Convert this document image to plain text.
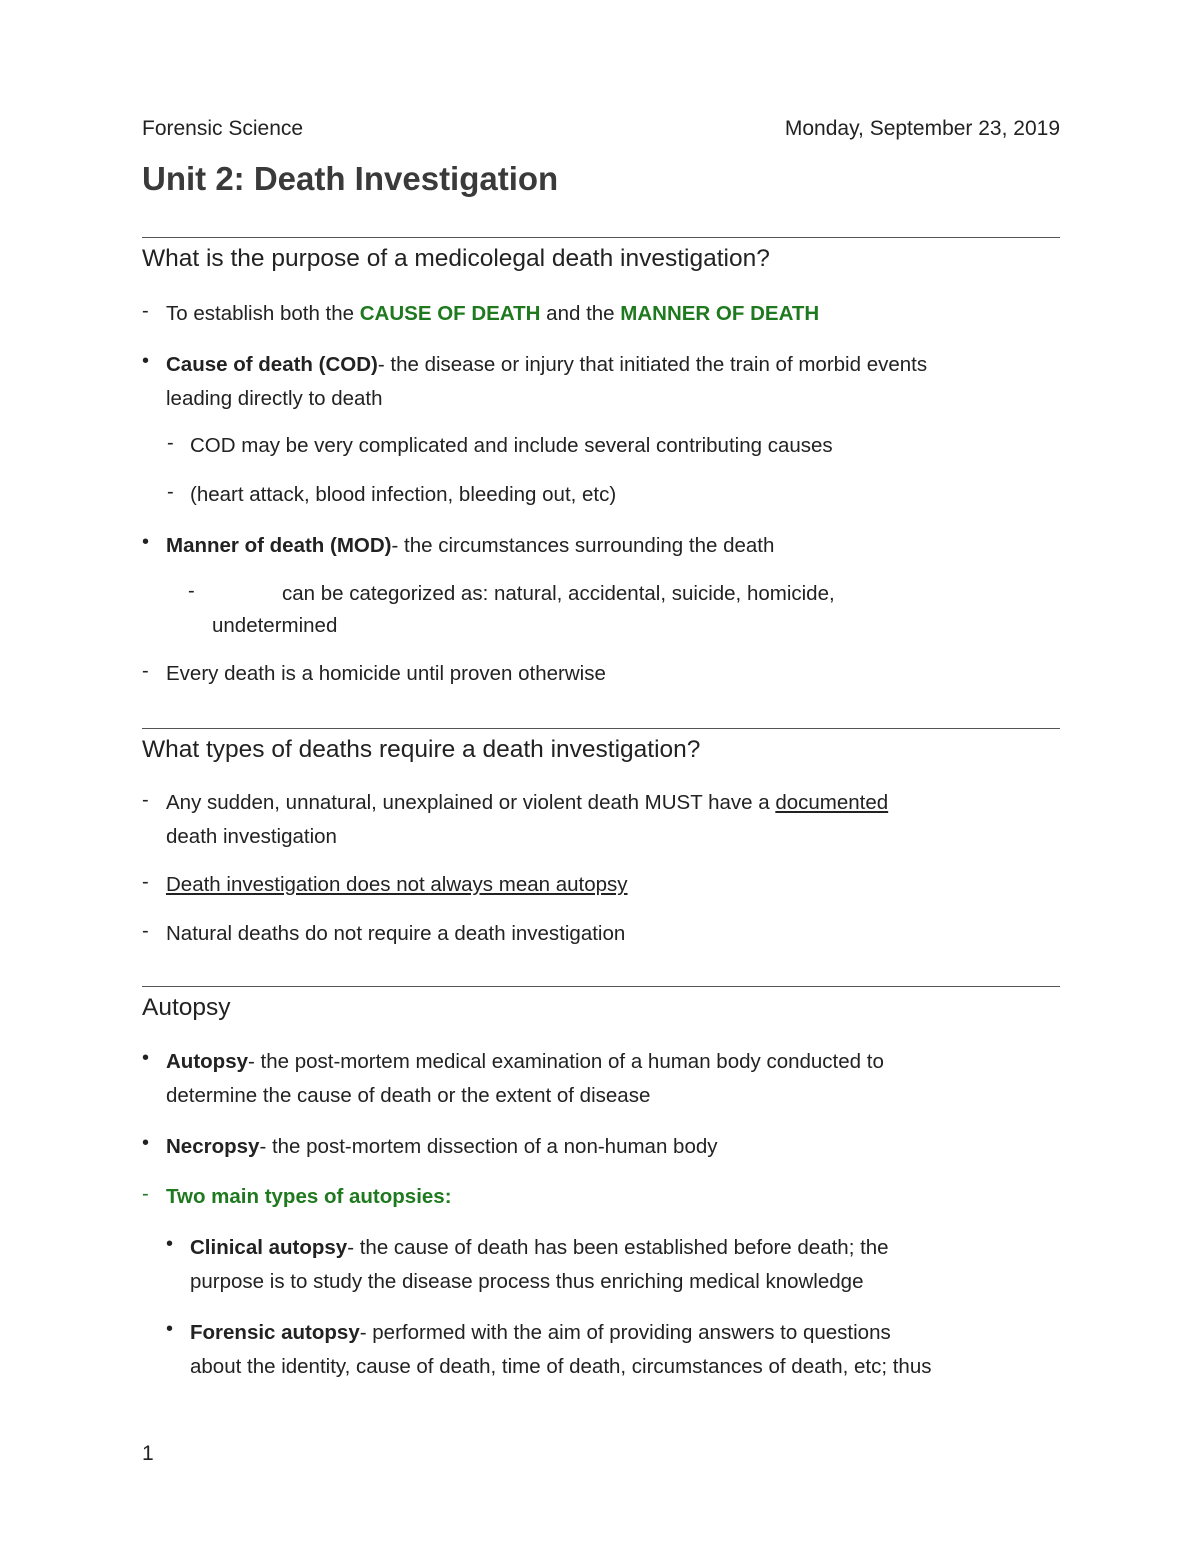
Forensic Science	Monday, September 23, 2019

Unit 2: Death Investigation
What is the purpose of a medicolegal death investigation?
- To establish both the CAUSE OF DEATH and the MANNER OF DEATH

• Cause of death (COD)- the disease or injury that initiated the train of morbid events
leading directly to death

- COD may be very complicated and include several contributing causes

- (heart attack, blood infection, bleeding out, etc)

• Manner of death (MOD)- the circumstances surrounding the death

-	can be categorized as: natural, accidental, suicide, homicide,

undetermined

- Every death is a homicide until proven otherwise

What types of deaths require a death investigation?
- Any sudden, unnatural, unexplained or violent death MUST have a documented
death investigation

- Death investigation does not always mean autopsy

- Natural deaths do not require a death investigation

Autopsy
• Autopsy- the post-mortem medical examination of a human body conducted to
determine the cause of death or the extent of disease

• Necropsy- the post-mortem dissection of a non-human body

- Two main types of autopsies:

• Clinical autopsy- the cause of death has been established before death; the
purpose is to study the disease process thus enriching medical knowledge

• Forensic autopsy- performed with the aim of providing answers to questions
about the identity, cause of death, time of death, circumstances of death, etc; thus

1
